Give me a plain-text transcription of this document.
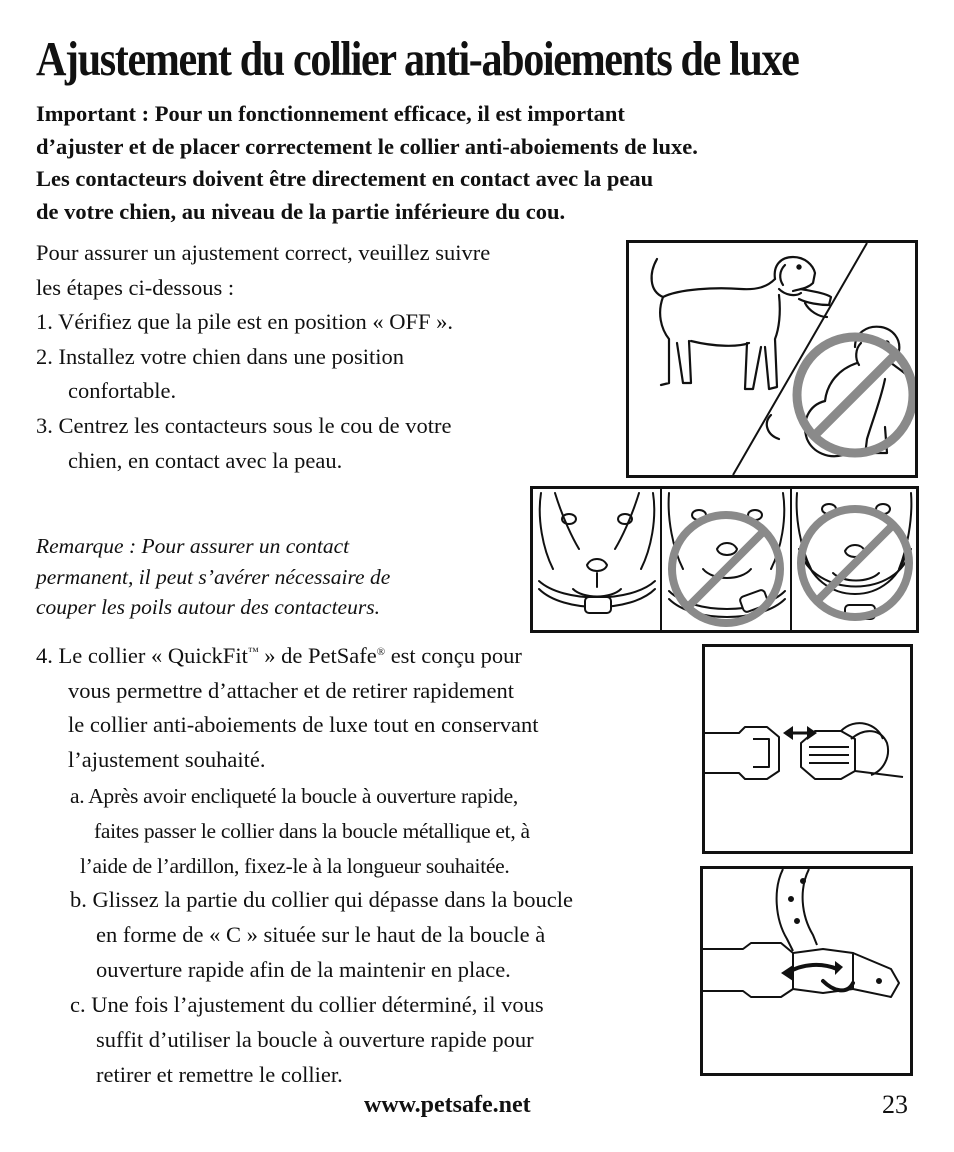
Ajustement du collier anti-aboiements de luxe
Important : Pour un fonctionnement efficace, il est important
d’ajuster et de placer correctement le collier anti-aboiements de luxe.
Les contacteurs doivent être directement en contact avec la peau
de votre chien, au niveau de la partie inférieure du cou.
Pour assurer un ajustement correct, veuillez suivre
les étapes ci-dessous :
1. Vérifiez que la pile est en position « OFF ».
2. Installez votre chien dans une position
confortable.
3. Centrez les contacteurs sous le cou de votre
chien, en contact avec la peau.
Remarque : Pour assurer un contact
permanent, il peut s’avérer nécessaire de
couper les poils autour des contacteurs.
4. Le collier « QuickFit™ » de PetSafe® est conçu pour
vous permettre d’attacher et de retirer rapidement
le collier anti-aboiements de luxe tout en conservant
l’ajustement souhaité.
a. Après avoir encliqueté la boucle à ouverture rapide,
faites passer le collier dans la boucle métallique et, à
l’aide de l’ardillon, fixez-le à la longueur souhaitée.
b. Glissez la partie du collier qui dépasse dans la boucle
en forme de « C » située sur le haut de la boucle à
ouverture rapide afin de la maintenir en place.
c. Une fois l’ajustement du collier déterminé, il vous
suffit d’utiliser la boucle à ouverture rapide pour
retirer et remettre le collier.
www.petsafe.net	23
